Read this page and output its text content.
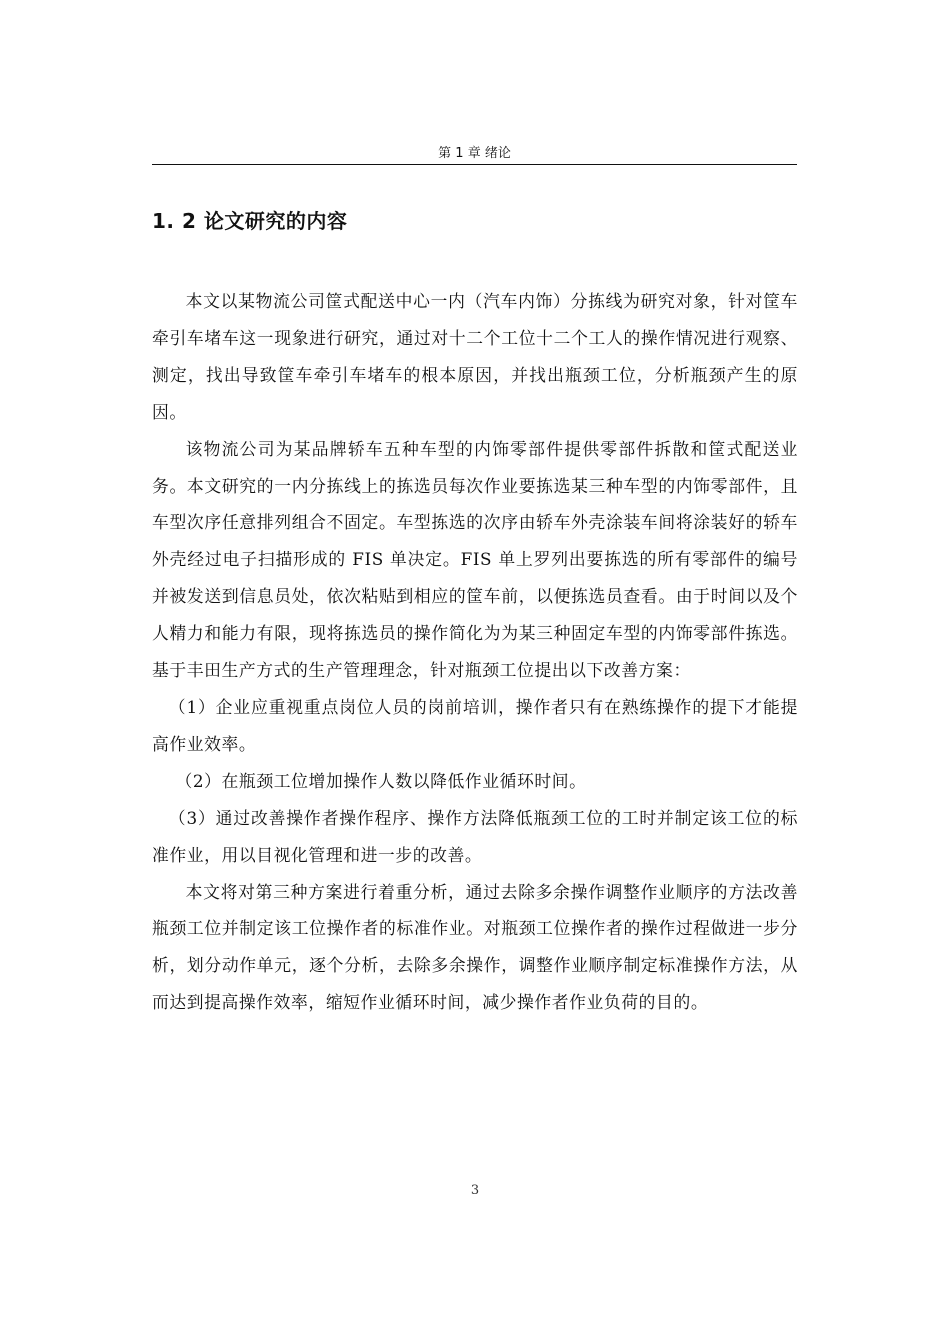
第 1 章 绪论
1. 2 论文研究的内容

本文以某物流公司筐式配送中心一内（汽车内饰）分拣线为研究对象，针对筐车牵引车堵车这一现象进行研究，通过对十二个工位十二个工人的操作情况进行观察、测定，找出导致筐车牵引车堵车的根本原因，并找出瓶颈工位，分析瓶颈产生的原因。

该物流公司为某品牌轿车五种车型的内饰零部件提供零部件拆散和筐式配送业务。本文研究的一内分拣线上的拣选员每次作业要拣选某三种车型的内饰零部件，且车型次序任意排列组合不固定。车型拣选的次序由轿车外壳涂装车间将涂装好的轿车外壳经过电子扫描形成的 FIS 单决定。FIS 单上罗列出要拣选的所有零部件的编号并被发送到信息员处，依次粘贴到相应的筐车前，以便拣选员查看。由于时间以及个人精力和能力有限，现将拣选员的操作简化为为某三种固定车型的内饰零部件拣选。基于丰田生产方式的生产管理理念，针对瓶颈工位提出以下改善方案：

（1）企业应重视重点岗位人员的岗前培训，操作者只有在熟练操作的提下才能提高作业效率。

（2）在瓶颈工位增加操作人数以降低作业循环时间。

（3）通过改善操作者操作程序、操作方法降低瓶颈工位的工时并制定该工位的标准作业，用以目视化管理和进一步的改善。

本文将对第三种方案进行着重分析，通过去除多余操作调整作业顺序的方法改善瓶颈工位并制定该工位操作者的标准作业。对瓶颈工位操作者的操作过程做进一步分析，划分动作单元，逐个分析，去除多余操作，调整作业顺序制定标准操作方法，从而达到提高操作效率，缩短作业循环时间，减少操作者作业负荷的目的。

3
